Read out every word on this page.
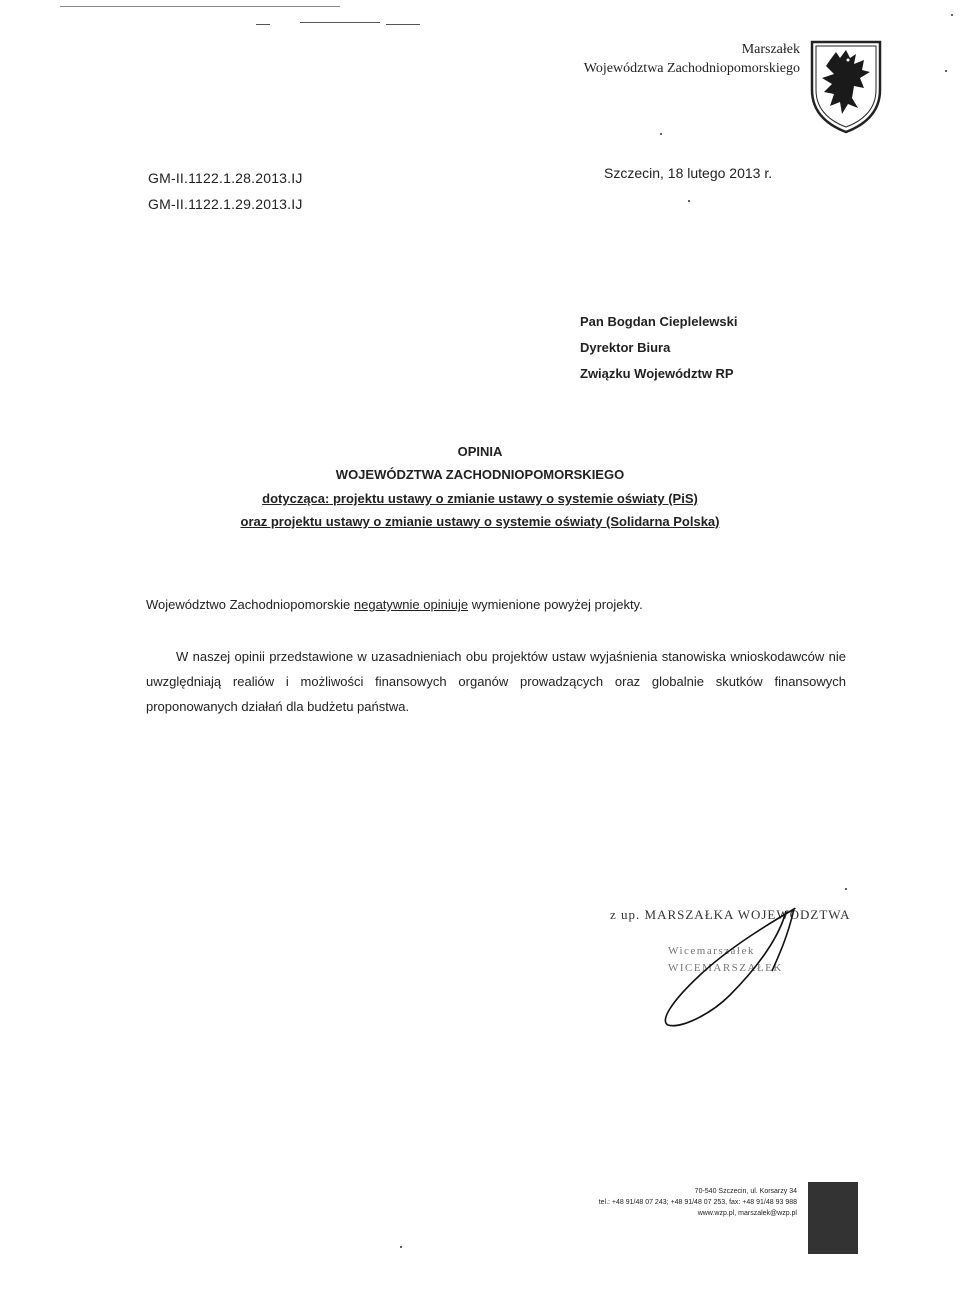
Marszałek
Województwa Zachodniopomorskiego
GM-II.1122.1.28.2013.IJ
GM-II.1122.1.29.2013.IJ
Szczecin, 18 lutego 2013 r.
Pan Bogdan Cieplelewski
Dyrektor Biura
Związku Województw RP
OPINIA
WOJEWÓDZTWA ZACHODNIOPOMORSKIEGO
dotycząca: projektu ustawy o zmianie ustawy o systemie oświaty (PiS)
oraz projektu ustawy o zmianie ustawy o systemie oświaty (Solidarna Polska)
Województwo Zachodniopomorskie negatywnie opiniuje wymienione powyżej projekty.
W naszej opinii przedstawione w uzasadnieniach obu projektów ustaw wyjaśnienia stanowiska wnioskodawców nie uwzględniają realiów i możliwości finansowych organów prowadzących oraz globalnie skutków finansowych proponowanych działań dla budżetu państwa.
z up. MARSZAŁKA WOJEWÓDZTWA
Wicemarszałek
WICEMARSZAŁEK
70-540 Szczecin, ul. Korsarzy 34
tel.: +48 91/48 07 243; +48 91/48 07 253, fax: +48 91/48 93 988
www.wzp.pl, marszalek@wzp.pl
